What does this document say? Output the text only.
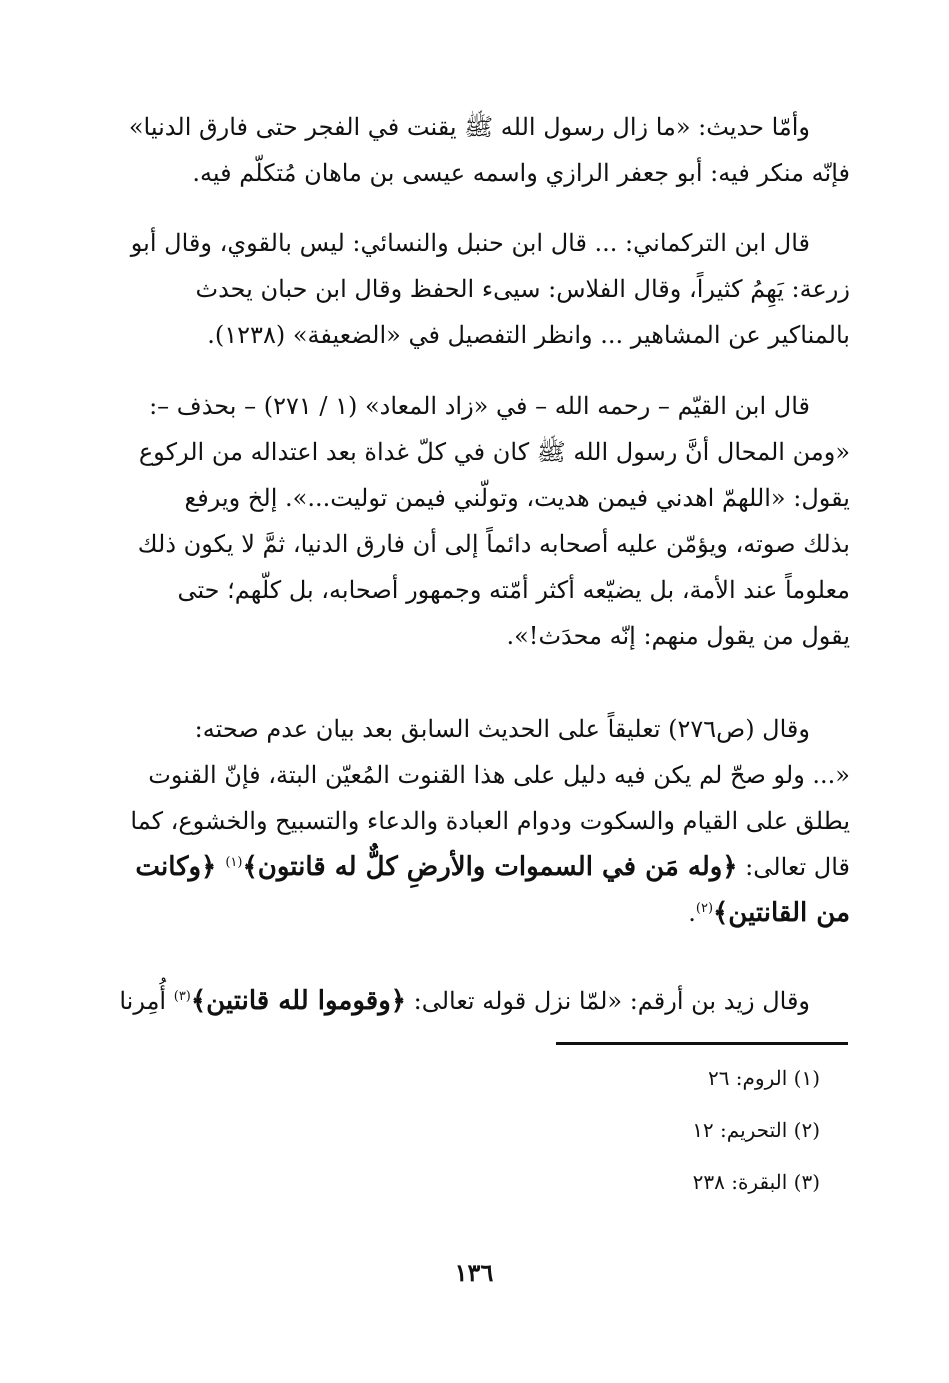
وأمّا حديث: «ما زال رسول الله ﷺ يقنت في الفجر حتى فارق الدنيا»
فإنّه منكر فيه: أبو جعفر الرازي واسمه عيسى بن ماهان مُتكلّم فيه.
قال ابن التركماني: ... قال ابن حنبل والنسائي: ليس بالقوي، وقال أبو
زرعة: يَهِمُ كثيراً، وقال الفلاس: سيىء الحفظ وقال ابن حبان يحدث
بالمناكير عن المشاهير ... وانظر التفصيل في «الضعيفة» (١٢٣٨).
قال ابن القيّم – رحمه الله – في «زاد المعاد» (١ / ٢٧١) – بحذف –:
«ومن المحال أنَّ رسول الله ﷺ كان في كلّ غداة بعد اعتداله من الركوع
يقول: «اللهمّ اهدني فيمن هديت، وتولّني فيمن توليت...». إلخ ويرفع
بذلك صوته، ويؤمّن عليه أصحابه دائماً إلى أن فارق الدنيا، ثمَّ لا يكون ذلك
معلوماً عند الأمة، بل يضيّعه أكثر أمّته وجمهور أصحابه، بل كلّهم؛ حتى
يقول من يقول منهم: إنّه محدَث!».
وقال (ص٢٧٦) تعليقاً على الحديث السابق بعد بيان عدم صحته:
«... ولو صحّ لم يكن فيه دليل على هذا القنوت المُعيّن البتة، فإنّ القنوت
يطلق على القيام والسكوت ودوام العبادة والدعاء والتسبيح والخشوع، كما
قال تعالى: ﴿وله مَن في السموات والأرضِ كلٌّ له قانتون﴾$^{(١)}$ ﴿وكانت
من القانتين﴾$^{(٢)}$.
وقال زيد بن أرقم: «لمّا نزل قوله تعالى: ﴿وقوموا لله قانتين﴾$^{(٣)}$ أُمِرنا
(١) الروم: ٢٦
(٢) التحريم: ١٢
(٣) البقرة: ٢٣٨
١٣٦
